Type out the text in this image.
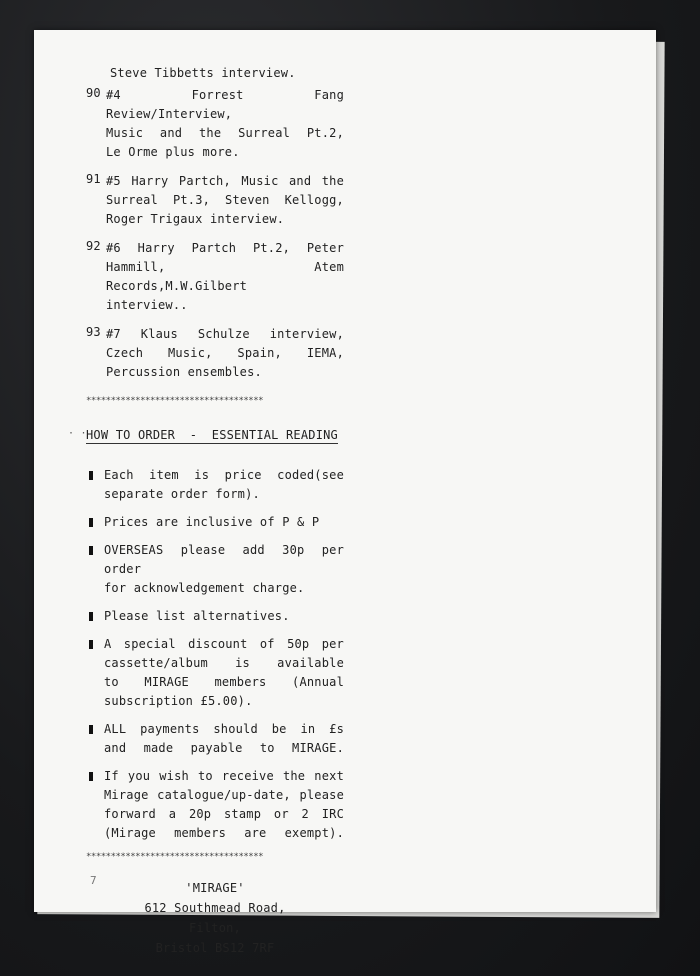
· ·
Steve Tibbetts interview.
90 #4 Forrest Fang Review/Interview,
Music and the Surreal Pt.2,
Le Orme plus more.
91 #5 Harry Partch, Music and the
Surreal Pt.3, Steven Kellogg,
Roger Trigaux interview.
92 #6 Harry Partch Pt.2, Peter
Hammill, Atem Records,M.W.Gilbert
interview..
93 #7 Klaus Schulze interview,
Czech Music, Spain, IEMA,
Percussion ensembles.
************************************
HOW TO ORDER - ESSENTIAL READING
Each item is price coded(see
separate order form).
Prices are inclusive of P & P
OVERSEAS please add 30p per order
for acknowledgement charge.
Please list alternatives.
A special discount of 50p per
cassette/album is available
to MIRAGE members (Annual
subscription £5.00).
ALL payments should be in £s
and made payable to MIRAGE.
If you wish to receive the next
Mirage catalogue/up-date, please
forward a 20p stamp or 2 IRC
(Mirage members are exempt).
************************************
'MIRAGE'
612 Southmead Road,
Filton,
Bristol BS12 7RF
7
